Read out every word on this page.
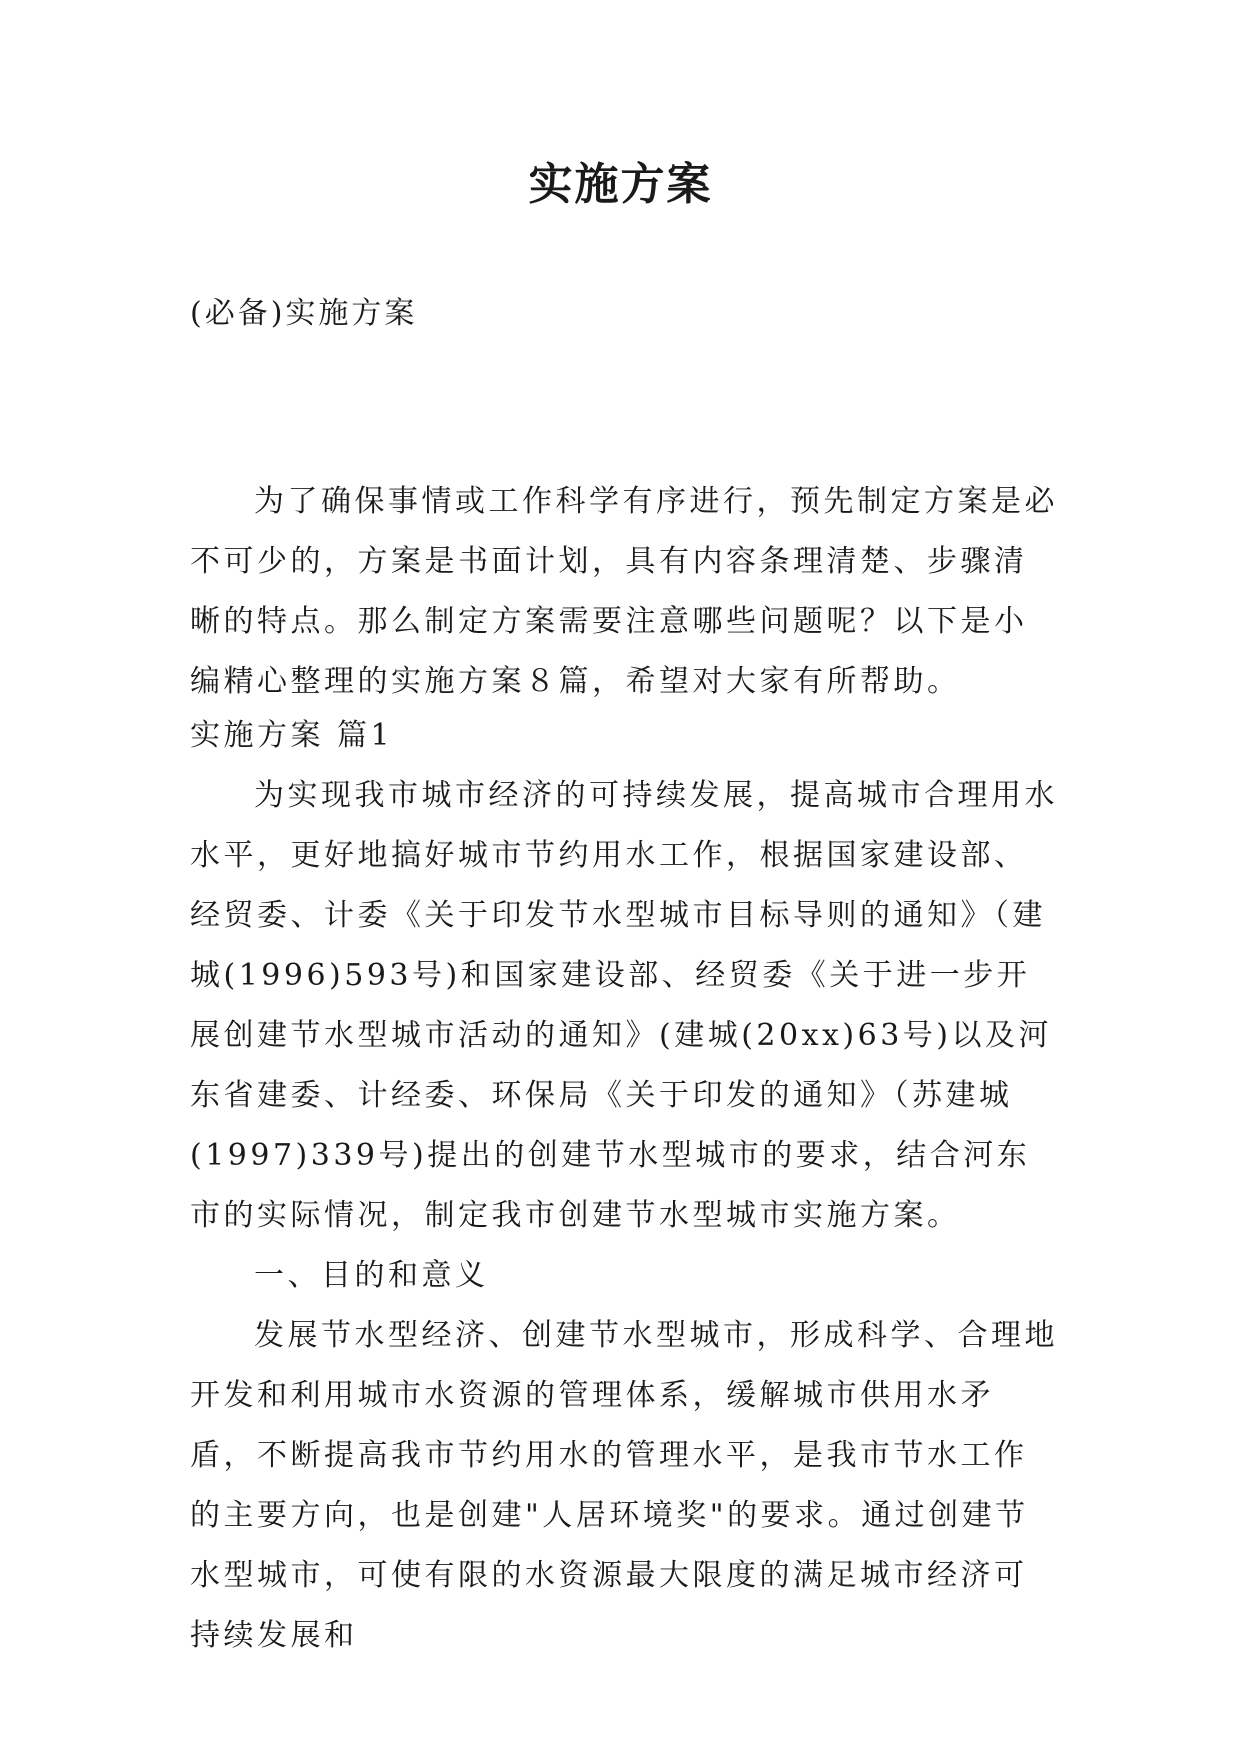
实施方案
(必备)实施方案

为了确保事情或工作科学有序进行，预先制定方案是必不可少的，方案是书面计划，具有内容条理清楚、步骤清晰的特点。那么制定方案需要注意哪些问题呢？以下是小编精心整理的实施方案８篇，希望对大家有所帮助。

实施方案 篇1

为实现我市城市经济的可持续发展，提高城市合理用水水平，更好地搞好城市节约用水工作，根据国家建设部、经贸委、计委《关于印发节水型城市目标导则的通知》（建城(1996)593号)和国家建设部、经贸委《关于进一步开展创建节水型城市活动的通知》(建城(20xx)63号)以及河东省建委、计经委、环保局《关于印发的通知》（苏建城(1997)339号)提出的创建节水型城市的要求，结合河东市的实际情况，制定我市创建节水型城市实施方案。

一、目的和意义

发展节水型经济、创建节水型城市，形成科学、合理地开发和利用城市水资源的管理体系，缓解城市供用水矛盾，不断提高我市节约用水的管理水平，是我市节水工作的主要方向，也是创建"人居环境奖"的要求。通过创建节水型城市，可使有限的水资源最大限度的满足城市经济可持续发展和
